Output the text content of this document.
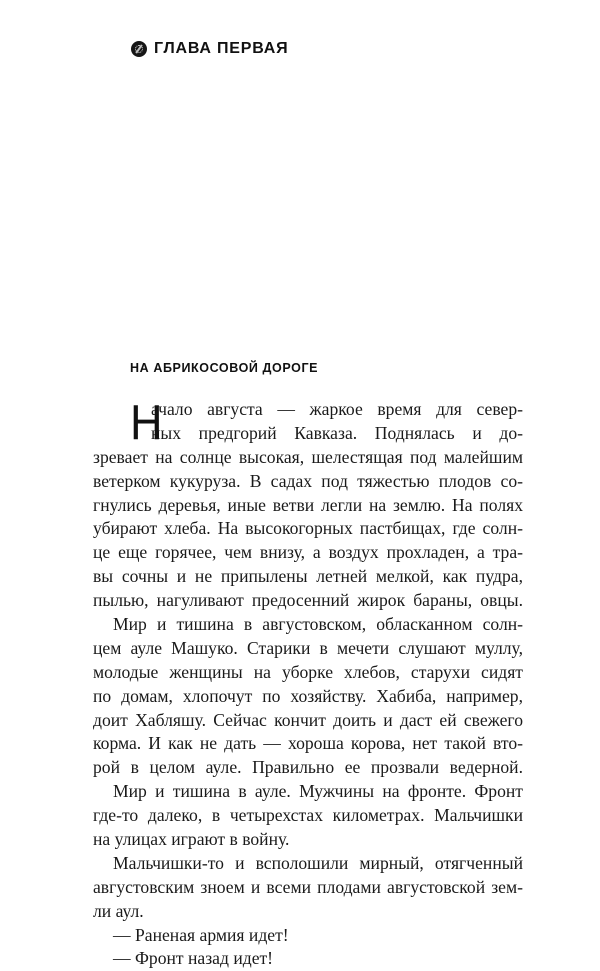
ГЛАВА ПЕРВАЯ
НА АБРИКОСОВОЙ ДОРОГЕ
Н
ачало августа — жаркое время для север-
ных предгорий Кавказа. Поднялась и до-
зревает на солнце высокая, шелестящая под малейшим
ветерком кукуруза. В садах под тяжестью плодов со-
гнулись деревья, иные ветви легли на землю. На полях
убирают хлеба. На высокогорных пастбищах, где солн-
це еще горячее, чем внизу, а воздух прохладен, а тра-
вы сочны и не припылены летней мелкой, как пудра,
пылью, нагуливают предосенний жирок бараны, овцы.
Мир и тишина в августовском, обласканном солн-
цем ауле Машуко. Старики в мечети слушают муллу,
молодые женщины на уборке хлебов, старухи сидят
по домам, хлопочут по хозяйству. Хабиба, например,
доит Хабляшу. Сейчас кончит доить и даст ей свежего
корма. И как не дать — хороша корова, нет такой вто-
рой в целом ауле. Правильно ее прозвали ведерной.
Мир и тишина в ауле. Мужчины на фронте. Фронт
где-то далеко, в четырехстах километрах. Мальчишки
на улицах играют в войну.
Мальчишки-то и всполошили мирный, отягченный
августовским зноем и всеми плодами августовской зем-
ли аул.
— Раненая армия идет!
— Фронт назад идет!
